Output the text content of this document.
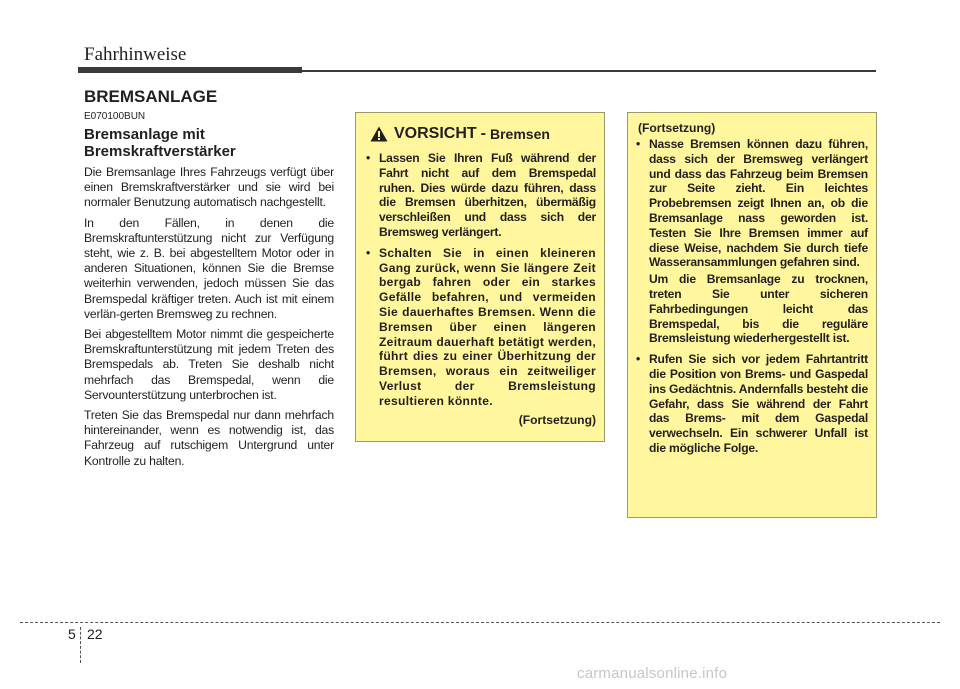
Fahrhinweise
BREMSANLAGE
E070100BUN
Bremsanlage mit Bremskraftverstärker

Die Bremsanlage Ihres Fahrzeugs verfügt über einen Bremskraftverstärker und sie wird bei normaler Benutzung automatisch nachgestellt.

In den Fällen, in denen die Bremskraftunterstützung nicht zur Verfügung steht, wie z. B. bei abgestelltem Motor oder in anderen Situationen, können Sie die Bremse weiterhin verwenden, jedoch müssen Sie das Bremspedal kräftiger treten. Auch ist mit einem verlän-gerten Bremsweg zu rechnen.

Bei abgestelltem Motor nimmt die gespeicherte Bremskraftunterstützung mit jedem Treten des Bremspedals ab. Treten Sie deshalb nicht mehrfach das Bremspedal, wenn die Servounterstützung unterbrochen ist.

Treten Sie das Bremspedal nur dann mehrfach hintereinander, wenn es notwendig ist, das Fahrzeug auf rutschigem Untergrund unter Kontrolle zu halten.

VORSICHT - Bremsen
• Lassen Sie Ihren Fuß während der Fahrt nicht auf dem Bremspedal ruhen. Dies würde dazu führen, dass die Bremsen überhitzen, übermäßig verschleißen und dass sich der Bremsweg verlängert.
• Schalten Sie in einen kleineren Gang zurück, wenn Sie längere Zeit bergab fahren oder ein starkes Gefälle befahren, und vermeiden Sie dauerhaftes Bremsen. Wenn die Bremsen über einen längeren Zeitraum dauerhaft betätigt werden, führt dies zu einer Überhitzung der Bremsen, woraus ein zeitweiliger Verlust der Bremsleistung resultieren könnte.
(Fortsetzung)
(Fortsetzung)
• Nasse Bremsen können dazu führen, dass sich der Bremsweg verlängert und dass das Fahrzeug beim Bremsen zur Seite zieht. Ein leichtes Probebremsen zeigt Ihnen an, ob die Bremsanlage nass geworden ist. Testen Sie Ihre Bremsen immer auf diese Weise, nachdem Sie durch tiefe Wasseransammlungen gefahren sind.
Um die Bremsanlage zu trocknen, treten Sie unter sicheren Fahrbedingungen leicht das Bremspedal, bis die reguläre Bremsleistung wiederhergestellt ist.
• Rufen Sie sich vor jedem Fahrtantritt die Position von Brems- und Gaspedal ins Gedächtnis. Andernfalls besteht die Gefahr, dass Sie während der Fahrt das Brems- mit dem Gaspedal verwechseln. Ein schwerer Unfall ist die mögliche Folge.
5 22
carmanualsonline.info
